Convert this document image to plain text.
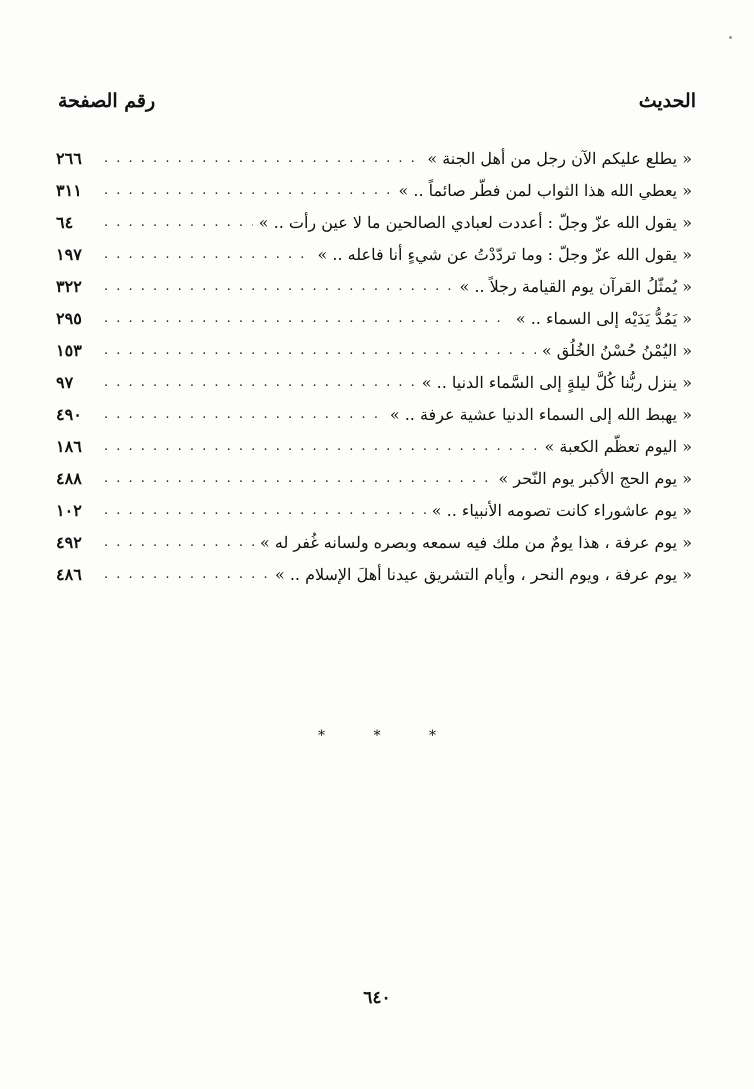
الحديث
رقم الصفحة
« يطلع عليكم الآن رجل من أهل الجنة »
. . .
٢٦٦
« يعطي الله هذا الثواب لمن فطّر صائماً .. »
. . .
٣١١
« يقول الله عزّ وجلّ : أعددت لعبادي الصالحين ما لا عين رأت .. »
. . .
٦٤
« يقول الله عزّ وجلّ : وما تردّدْتُ عن شيءٍ أنا فاعله .. »
. . .
١٩٧
« يُمثّلُ القرآن يوم القيامة رجلاً .. »
. . .
٣٢٢
« يَمُدُّ يَدَيْه إلى السماء .. »
. . .
٢٩٥
« اليُمْنُ حُسْنُ الخُلُق »
. . .
١٥٣
« ينزل ربُّنا كُلَّ ليلةٍ إلى السَّماء الدنيا .. »
. . .
٩٧
« يهبط الله إلى السماء الدنيا عشية عرفة .. »
. . .
٤٩٠
« اليوم تعظّم الكعبة »
. . .
١٨٦
« يوم الحج الأكبر يوم النّحر »
. . .
٤٨٨
« يوم عاشوراء كانت تصومه الأنبياء .. »
. . .
١٠٢
« يوم عرفة ، هذا يومٌ من ملك فيه سمعه وبصره ولسانه غُفر له »
. . .
٤٩٢
« يوم عرفة ، ويوم النحر ، وأيام التشريق عيدنا أهلَ الإسلام .. »
. . .
٤٨٦
* * *
٦٤٠
